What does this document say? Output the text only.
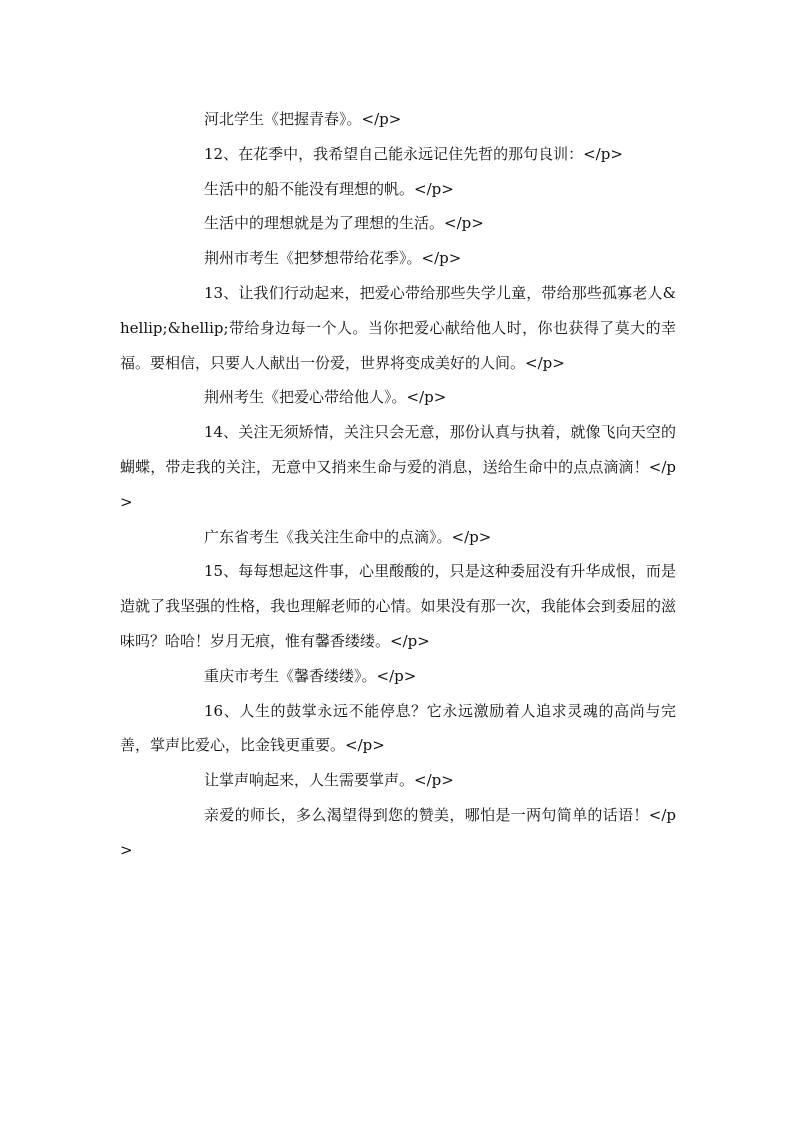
河北学生《把握青春》。</p>

12、在花季中，我希望自己能永远记住先哲的那句良训：</p>

生活中的船不能没有理想的帆。</p>

生活中的理想就是为了理想的生活。</p>

荆州市考生《把梦想带给花季》。</p>

13、让我们行动起来，把爱心带给那些失学儿童，带给那些孤寡老人&hellip;&hellip;带给身边每一个人。当你把爱心献给他人时，你也获得了莫大的幸福。要相信，只要人人献出一份爱，世界将变成美好的人间。</p>

荆州考生《把爱心带给他人》。</p>

14、关注无须矫情，关注只会无意，那份认真与执着，就像飞向天空的蝴蝶，带走我的关注，无意中又捎来生命与爱的消息，送给生命中的点点滴滴！</p>

广东省考生《我关注生命中的点滴》。</p>

15、每每想起这件事，心里酸酸的，只是这种委屈没有升华成恨，而是造就了我坚强的性格，我也理解老师的心情。如果没有那一次，我能体会到委屈的滋味吗？哈哈！岁月无痕，惟有馨香缕缕。</p>

重庆市考生《馨香缕缕》。</p>

16、人生的鼓掌永远不能停息？它永远激励着人追求灵魂的高尚与完善，掌声比爱心，比金钱更重要。</p>

让掌声响起来，人生需要掌声。</p>

亲爱的师长，多么渴望得到您的赞美，哪怕是一两句简单的话语！</p>
